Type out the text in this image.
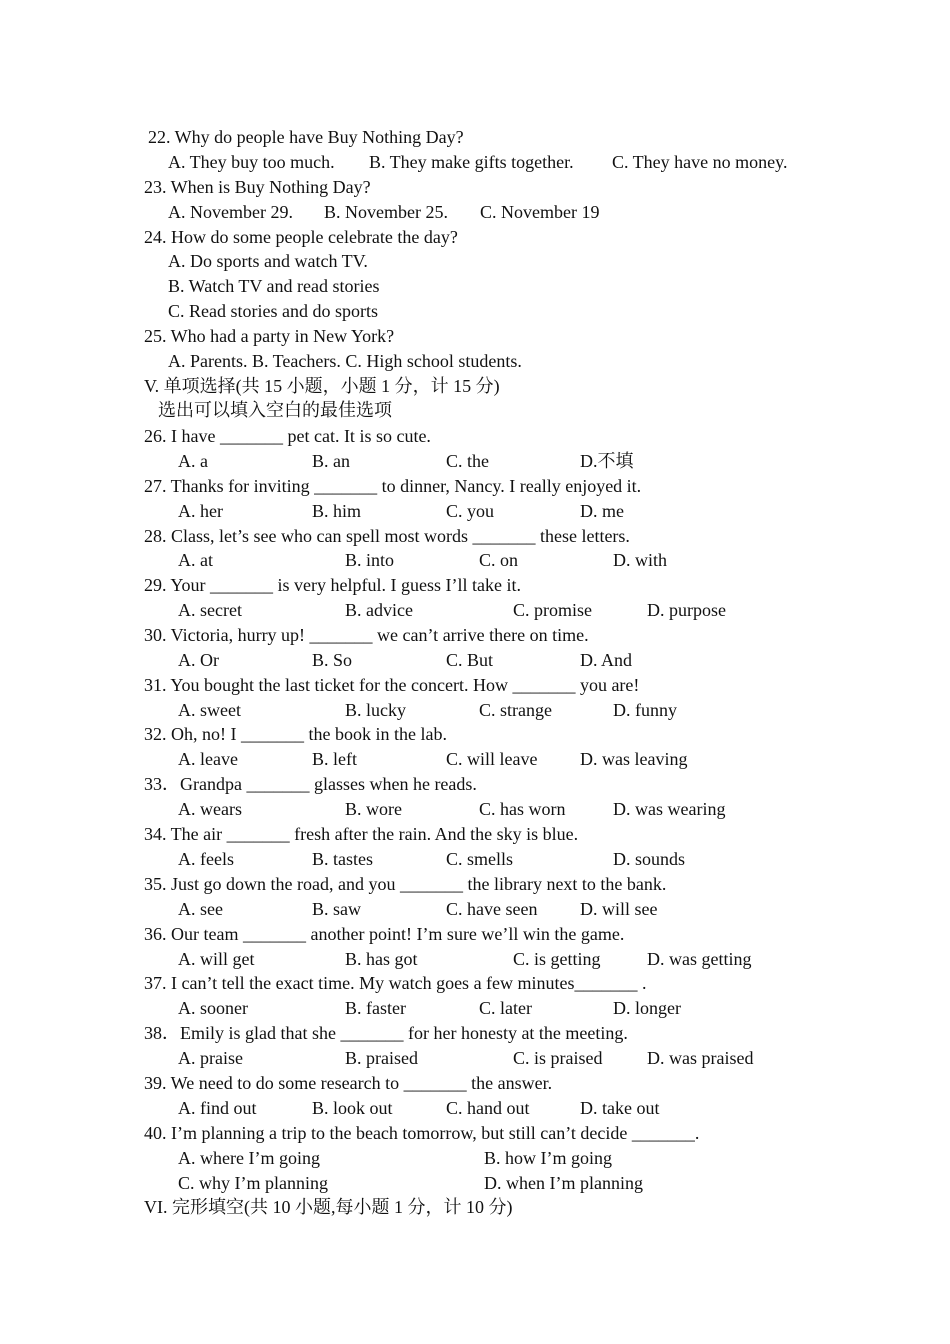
22. Why do people have Buy Nothing Day?

A. They buy too much.

B. They make gifts together.

C. They have no money.

23. When is Buy Nothing Day?

A. November 29.

B. November 25.

C. November 19

24. How do some people celebrate the day?

A. Do sports and watch TV.

B. Watch TV and read stories

C. Read stories and do sports

25. Who had a party in New York?

A. Parents. B. Teachers. C. High school students.

V. 单项选择(共 15 小题，小题 1 分，计 15 分)

选出可以填入空白的最佳选项

26. I have _______ pet cat. It is so cute.

A. a

	B. an

	C. the

	D.不填

27. Thanks for inviting _______ to dinner, Nancy. I really enjoyed it.

A. her

	B. him

	C. you

	D. me

28. Class, let’s see who can spell most words _______ these letters.

A. at

	B. into

	C. on

	D. with

29. Your _______ is very helpful. I guess I’ll take it.

A. secret

	B. advice

	C. promise

	D. purpose

30. Victoria, hurry up! _______ we can’t arrive there on time.

A. Or

	B. So

	C. But

	D. And

31. You bought the last ticket for the concert. How _______ you are!

A. sweet

	B. lucky

	C. strange

	D. funny

32. Oh, no! I _______ the book in the lab.

A. leave

	B. left

	C. will leave

D. was leaving

33．Grandpa _______ glasses when he reads.

A. wears

	B. wore

	C. has worn

	D. was wearing

34. The air _______ fresh after the rain. And the sky is blue.

A. feels

	B. tastes

	C. smells

	D. sounds

35. Just go down the road, and you _______ the library next to the bank.

A. see

	B. saw

	C. have seen

D. will see

36. Our team _______ another point! I’m sure we’ll win the game.

A. will get

	B. has got

	C. is getting

	D. was getting

37. I can’t tell the exact time. My watch goes a few minutes_______ .

A. sooner

	B. faster

	C. later

	D. longer

38．Emily is glad that she _______ for her honesty at the meeting.

A. praise

	B. praised

	C. is praised

D. was praised

39. We need to do some research to _______ the answer.

A. find out

	B. look out

	C. hand out

	D. take out

40. I’m planning a trip to the beach tomorrow, but still can’t decide _______.

A. where I’m going

	B. how I’m going

C. why I’m planning

	D. when I’m planning

VI. 完形填空(共 10 小题,每小题 1 分，计 10 分)
